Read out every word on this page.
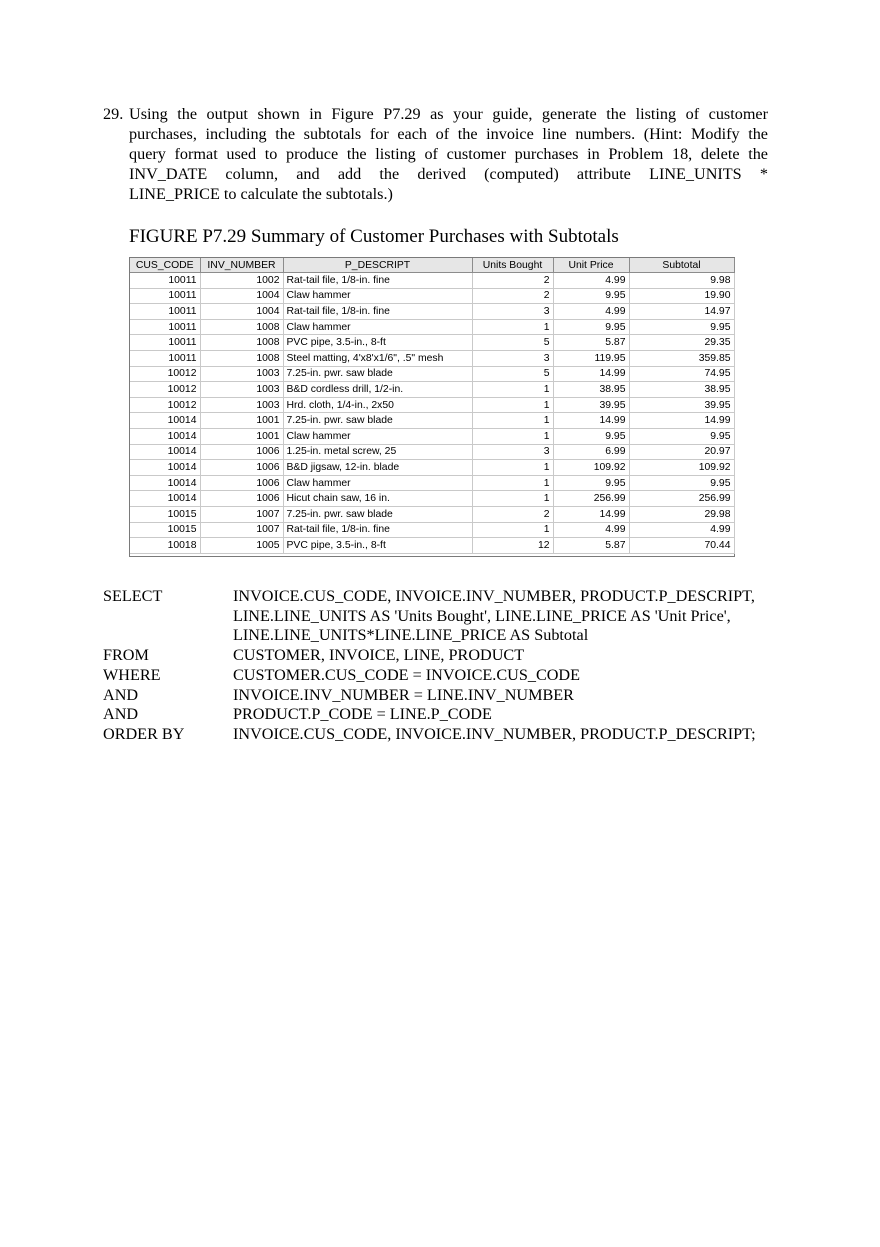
29. Using the output shown in Figure P7.29 as your guide, generate the listing of customer
purchases, including the subtotals for each of the invoice line numbers. (Hint: Modify the
query format used to produce the listing of customer purchases in Problem 18, delete the
INV_DATE column, and add the derived (computed) attribute LINE_UNITS *
LINE_PRICE to calculate the subtotals.)
FIGURE P7.29 Summary of Customer Purchases with Subtotals
CUS_CODE	INV_NUMBER	P_DESCRIPT	Units Bought	Unit Price	Subtotal
10011	1002	Rat-tail file, 1/8-in. fine	2	4.99	9.98
10011	1004	Claw hammer	2	9.95	19.90
10011	1004	Rat-tail file, 1/8-in. fine	3	4.99	14.97
10011	1008	Claw hammer	1	9.95	9.95
10011	1008	PVC pipe, 3.5-in., 8-ft	5	5.87	29.35
10011	1008	Steel matting, 4'x8'x1/6", .5" mesh	3	119.95	359.85
10012	1003	7.25-in. pwr. saw blade	5	14.99	74.95
10012	1003	B&D cordless drill, 1/2-in.	1	38.95	38.95
10012	1003	Hrd. cloth, 1/4-in., 2x50	1	39.95	39.95
10014	1001	7.25-in. pwr. saw blade	1	14.99	14.99
10014	1001	Claw hammer	1	9.95	9.95
10014	1006	1.25-in. metal screw, 25	3	6.99	20.97
10014	1006	B&D jigsaw, 12-in. blade	1	109.92	109.92
10014	1006	Claw hammer	1	9.95	9.95
10014	1006	Hicut chain saw, 16 in.	1	256.99	256.99
10015	1007	7.25-in. pwr. saw blade	2	14.99	29.98
10015	1007	Rat-tail file, 1/8-in. fine	1	4.99	4.99
10018	1005	PVC pipe, 3.5-in., 8-ft	12	5.87	70.44
SELECT	INVOICE.CUS_CODE, INVOICE.INV_NUMBER, PRODUCT.P_DESCRIPT,
LINE.LINE_UNITS AS 'Units Bought', LINE.LINE_PRICE AS 'Unit Price',
LINE.LINE_UNITS*LINE.LINE_PRICE AS Subtotal
FROM	CUSTOMER, INVOICE, LINE, PRODUCT
WHERE	CUSTOMER.CUS_CODE = INVOICE.CUS_CODE
AND	INVOICE.INV_NUMBER = LINE.INV_NUMBER
AND	PRODUCT.P_CODE = LINE.P_CODE
ORDER BY	INVOICE.CUS_CODE, INVOICE.INV_NUMBER, PRODUCT.P_DESCRIPT;
